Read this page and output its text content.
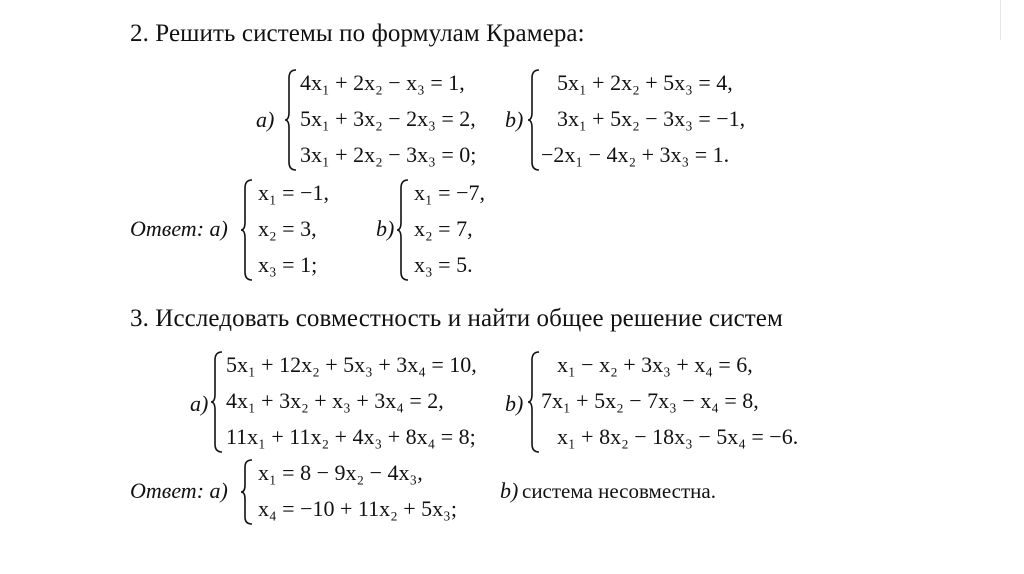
2. Решить системы по формулам Крамера:
a)
4x₁ + 2x₂ − x₃ = 1,
5x₁ + 3x₂ − 2x₃ = 2,
3x₁ + 2x₂ − 3x₃ = 0;
b)
5x₁ + 2x₂ + 5x₃ = 4,
3x₁ + 5x₂ − 3x₃ = −1,
−2x₁ − 4x₂ + 3x₃ = 1.
Ответ: a)
x₁ = −1,
x₂ = 3,
x₃ = 1;
b)
x₁ = −7,
x₂ = 7,
x₃ = 5.
3. Исследовать совместность и найти общее решение систем
a)
5x₁ + 12x₂ + 5x₃ + 3x₄ = 10,
4x₁ + 3x₂ + x₃ + 3x₄ = 2,
11x₁ + 11x₂ + 4x₃ + 8x₄ = 8;
b)
x₁ − x₂ + 3x₃ + x₄ = 6,
7x₁ + 5x₂ − 7x₃ − x₄ = 8,
x₁ + 8x₂ − 18x₃ − 5x₄ = −6.
Ответ: a)
x₁ = 8 − 9x₂ − 4x₃,
x₄ = −10 + 11x₂ + 5x₃;
b) система несовместна.
